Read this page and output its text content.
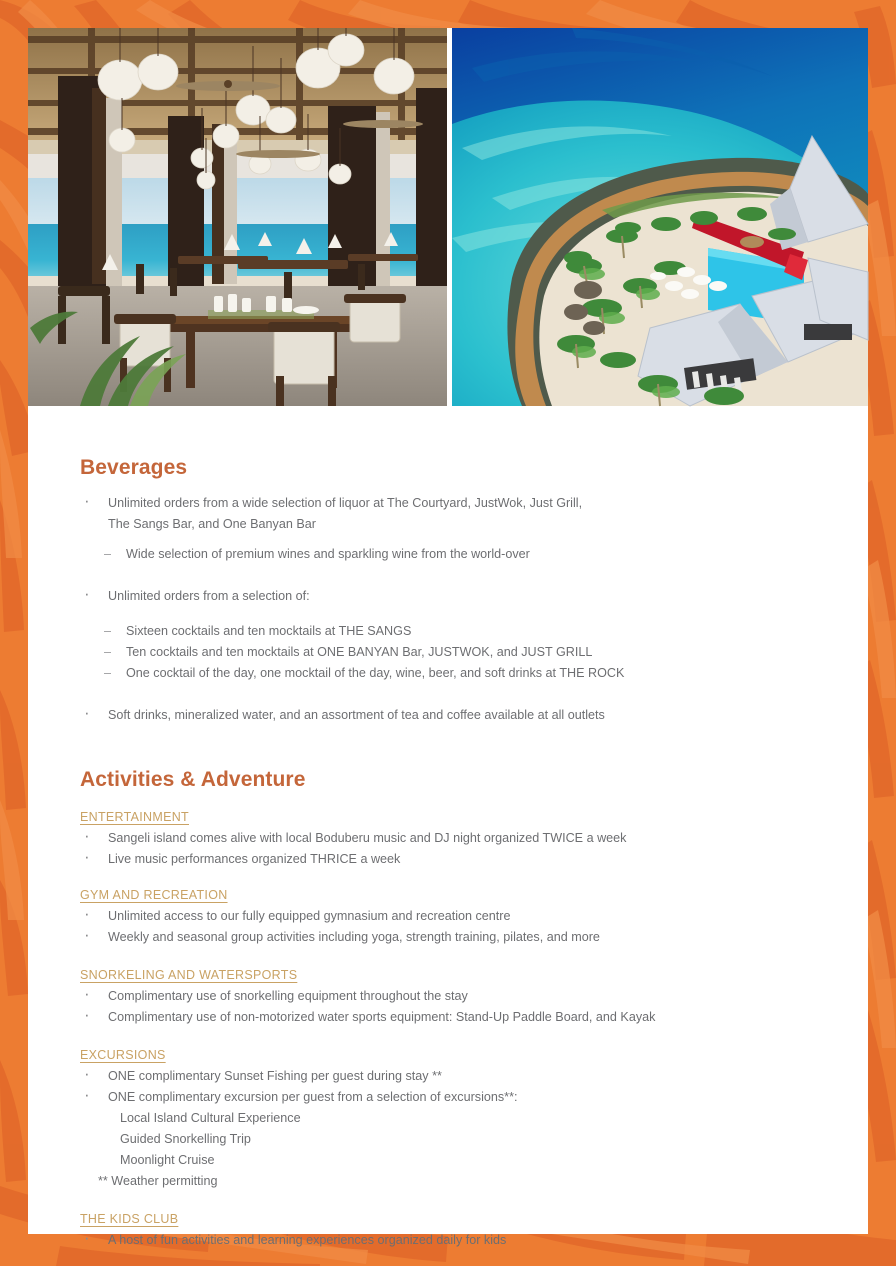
Beverages
· Unlimited orders from a wide selection of liquor at The Courtyard, JustWok, Just Grill,
The Sangs Bar, and One Banyan Bar
– Wide selection of premium wines and sparkling wine from the world-over
· Unlimited orders from a selection of:
– Sixteen cocktails and ten mocktails at THE SANGS
– Ten cocktails and ten mocktails at ONE BANYAN Bar, JUSTWOK, and JUST GRILL
– One cocktail of the day, one mocktail of the day, wine, beer, and soft drinks at THE ROCK
· Soft drinks, mineralized water, and an assortment of tea and coffee available at all outlets
Activities & Adventure
ENTERTAINMENT
· Sangeli island comes alive with local Boduberu music and DJ night organized TWICE a week
· Live music performances organized THRICE a week
GYM AND RECREATION
· Unlimited access to our fully equipped gymnasium and recreation centre
· Weekly and seasonal group activities including yoga, strength training, pilates, and more
SNORKELING AND WATERSPORTS
· Complimentary use of snorkelling equipment throughout the stay
· Complimentary use of non-motorized water sports equipment: Stand-Up Paddle Board, and Kayak
EXCURSIONS
· ONE complimentary Sunset Fishing per guest during stay **
· ONE complimentary excursion per guest from a selection of excursions**:
Local Island Cultural Experience
Guided Snorkelling Trip
Moonlight Cruise
** Weather permitting
THE KIDS CLUB
· A host of fun activities and learning experiences organized daily for kids
